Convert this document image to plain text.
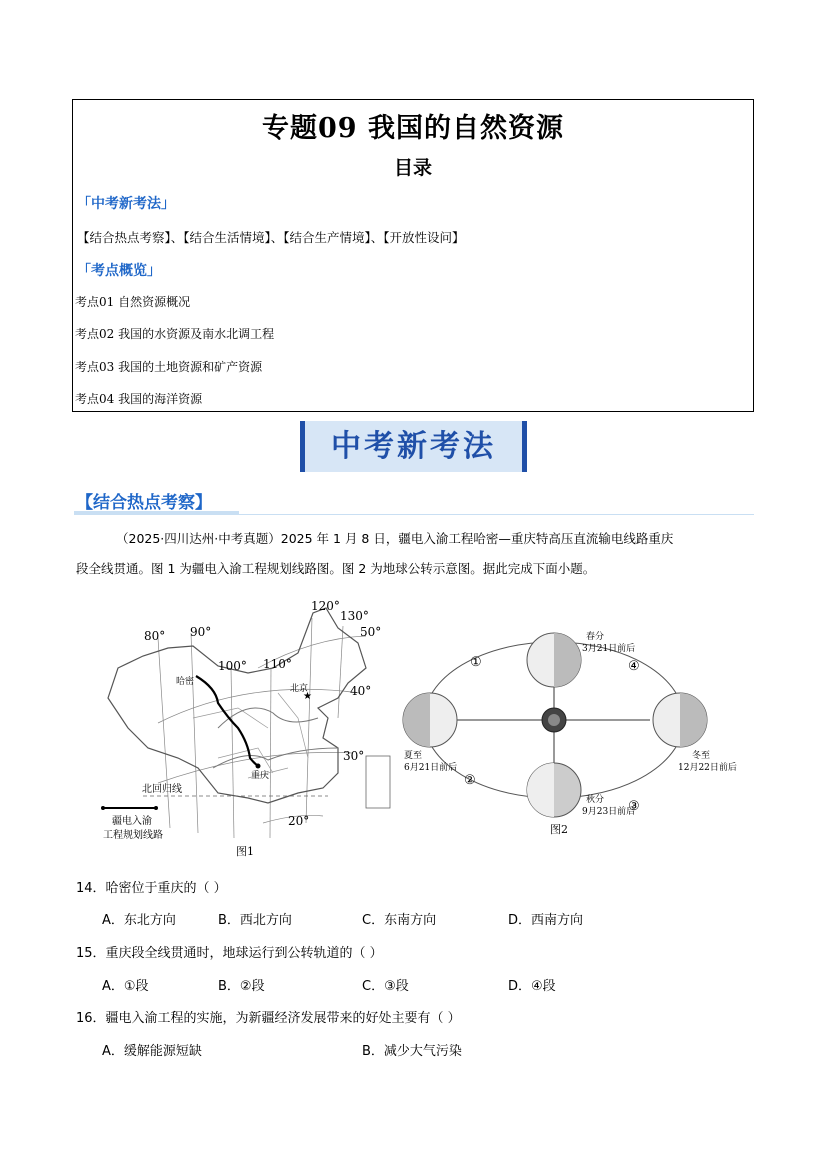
专题09 我国的自然资源
目录
「中考新考法」
【结合热点考察】、【结合生活情境】、【结合生产情境】、【开放性设问】
「考点概览」
考点01 自然资源概况
考点02 我国的水资源及南水北调工程
考点03 我国的土地资源和矿产资源
考点04 我国的海洋资源
中考新考法
【结合热点考察】
（2025·四川达州·中考真题）2025 年 1 月 8 日，疆电入渝工程哈密—重庆特高压直流输电线路重庆
段全线贯通。图 1 为疆电入渝工程规划线路图。图 2 为地球公转示意图。据此完成下面小题。
120°
130°
80° 90°
100° 110°
50°
40°
30°
20°
哈密
北京
★
重庆
北回归线
疆电入渝
工程规划线路
图1
春分
3月21日前后
夏至
6月21日前后
秋分
9月23日前后
冬至
12月22日前后
①
②
③
④
图2
14．哈密位于重庆的（ ）
A．东北方向	B．西北方向	C．东南方向	D．西南方向
15．重庆段全线贯通时，地球运行到公转轨道的（ ）
A．①段	B．②段	C．③段	D．④段
16．疆电入渝工程的实施，为新疆经济发展带来的好处主要有（ ）
A．缓解能源短缺	B．减少大气污染
